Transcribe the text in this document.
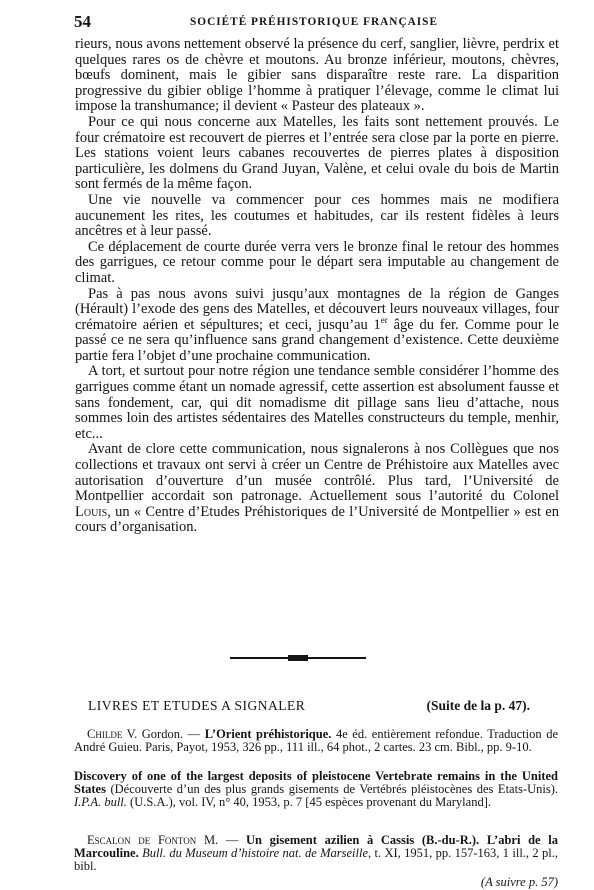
54	SOCIÉTÉ PRÉHISTORIQUE FRANÇAISE

rieurs, nous avons nettement observé la présence du cerf, sanglier, lièvre, perdrix et quelques rares os de chèvre et moutons. Au bronze inférieur, moutons, chèvres, bœufs dominent, mais le gibier sans disparaître reste rare. La disparition progressive du gibier oblige l’homme à pratiquer l’élevage, comme le climat lui impose la transhumance; il devient « Pasteur des plateaux ».

Pour ce qui nous concerne aux Matelles, les faits sont nettement prouvés. Le four crématoire est recouvert de pierres et l’entrée sera close par la porte en pierre. Les stations voient leurs cabanes recouvertes de pierres plates à disposition particulière, les dolmens du Grand Juyan, Valène, et celui ovale du bois de Martin sont fermés de la même façon.

Une vie nouvelle va commencer pour ces hommes mais ne modifiera aucunement les rites, les coutumes et habitudes, car ils restent fidèles à leurs ancêtres et à leur passé.

Ce déplacement de courte durée verra vers le bronze final le retour des hommes des garrigues, ce retour comme pour le départ sera imputable au changement de climat.

Pas à pas nous avons suivi jusqu’aux montagnes de la région de Ganges (Hérault) l’exode des gens des Matelles, et découvert leurs nouveaux villages, four crématoire aérien et sépultures; et ceci, jusqu’au 1er âge du fer. Comme pour le passé ce ne sera qu’influence sans grand changement d’existence. Cette deuxième partie fera l’objet d’une prochaine communication.

A tort, et surtout pour notre région une tendance semble considérer l’homme des garrigues comme étant un nomade agressif, cette assertion est absolument fausse et sans fondement, car, qui dit nomadisme dit pillage sans lieu d’attache, nous sommes loin des artistes sédentaires des Matelles constructeurs du temple, menhir, etc...

Avant de clore cette communication, nous signalerons à nos Collègues que nos collections et travaux ont servi à créer un Centre de Préhistoire aux Matelles avec autorisation d’ouverture d’un musée contrôlé. Plus tard, l’Université de Montpellier accordait son patronage. Actuellement sous l’autorité du Colonel Louis, un « Centre d’Etudes Préhistoriques de l’Université de Montpellier » est en cours d’organisation.

LIVRES ET ETUDES A SIGNALER	(Suite de la p. 47).

Childe V. Gordon. — L’Orient préhistorique. 4e éd. entièrement refondue. Traduction de André Guieu. Paris, Payot, 1953, 326 pp., 111 ill., 64 phot., 2 cartes. 23 cm. Bibl., pp. 9-10.

Discovery of one of the largest deposits of pleistocene Vertebrate remains in the United States (Découverte d’un des plus grands gisements de Vertébrés pléistocènes des Etats-Unis). I.P.A. bull. (U.S.A.), vol. IV, n° 40, 1953, p. 7 [45 espèces provenant du Maryland].

Escalon de Fonton M. — Un gisement azilien à Cassis (B.-du-R.). L’abri de la Marcouline. Bull. du Museum d’histoire nat. de Marseille, t. XI, 1951, pp. 157-163, 1 ill., 2 pl., bibl.

(A suivre p. 57)
